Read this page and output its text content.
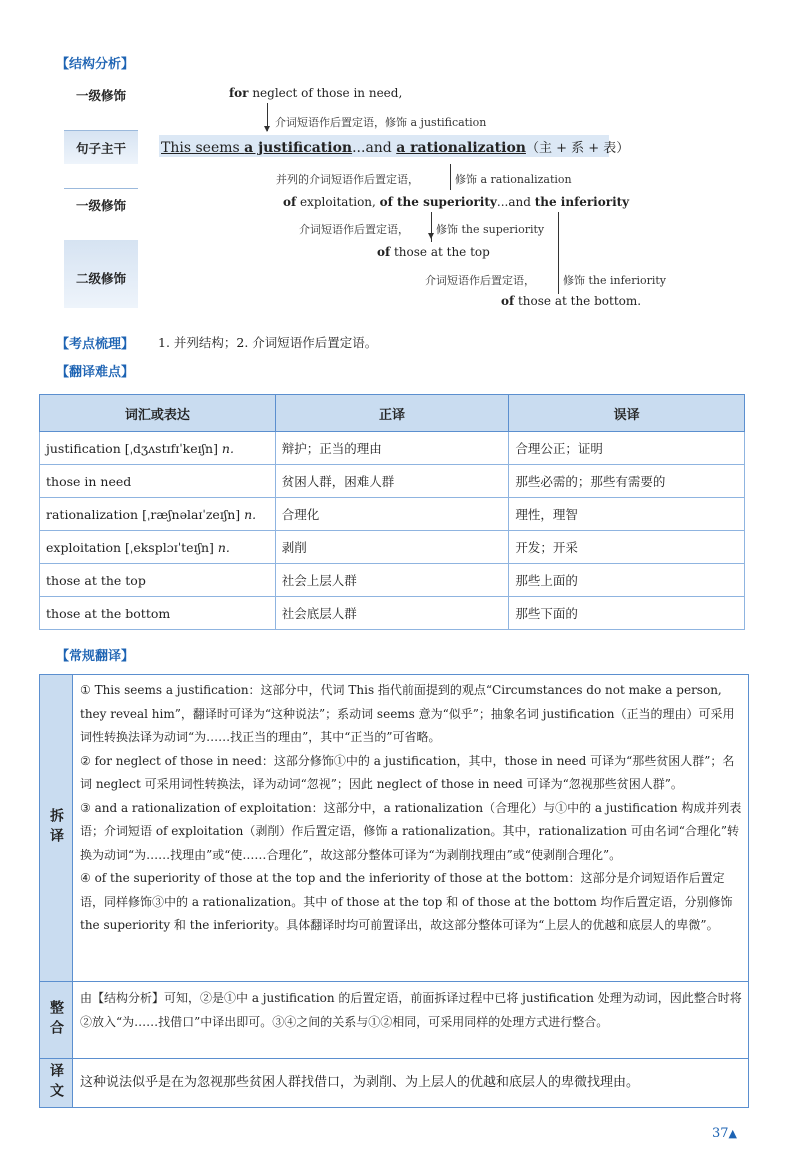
【结构分析】
一级修饰
句子主干
一级修饰
二级修饰
for neglect of those in need,
介词短语作后置定语，修饰 a justification
This seems a justification...and a rationalization（主 + 系 + 表）
并列的介词短语作后置定语，	修饰 a rationalization
of exploitation, of the superiority...and the inferiority
介词短语作后置定语， 修饰 the superiority
of those at the top
介词短语作后置定语，	修饰 the inferiority
of those at the bottom.
【考点梳理】 1. 并列结构；2. 介词短语作后置定语。
【翻译难点】
词汇或表达	正译	误译
justification [ˌdʒʌstɪfɪˈkeɪʃn] n.	辩护；正当的理由	合理公正；证明
those in need	贫困人群，困难人群	那些必需的；那些有需要的
rationalization [ˌræʃnəlaɪˈzeɪʃn] n.	合理化	理性，理智
exploitation [ˌeksplɔɪˈteɪʃn] n.	剥削	开发；开采
those at the top	社会上层人群	那些上面的
those at the bottom	社会底层人群	那些下面的
【常规翻译】
拆译

① This seems a justification：这部分中，代词 This 指代前面提到的观点“Circumstances do not make a person, they reveal him”，翻译时可译为“这种说法”；系动词 seems 意为“似乎”；抽象名词 justification（正当的理由）可采用词性转换法译为动词“为……找正当的理由”，其中“正当的”可省略。

② for neglect of those in need：这部分修饰①中的 a justification，其中，those in need 可译为“那些贫困人群”；名词 neglect 可采用词性转换法，译为动词“忽视”；因此 neglect of those in need 可译为“忽视那些贫困人群”。

③ and a rationalization of exploitation：这部分中，a rationalization（合理化）与①中的 a justification 构成并列表语；介词短语 of exploitation（剥削）作后置定语，修饰 a rationalization。其中，rationalization 可由名词“合理化”转换为动词“为……找理由”或“使……合理化”，故这部分整体可译为“为剥削找理由”或“使剥削合理化”。

④ of the superiority of those at the top and the inferiority of those at the bottom：这部分是介词短语作后置定语，同样修饰③中的 a rationalization。其中 of those at the top 和 of those at the bottom 均作后置定语，分别修饰 the superiority 和 the inferiority。具体翻译时均可前置译出，故这部分整体可译为“上层人的优越和底层人的卑微”。

整合

由【结构分析】可知，②是①中 a justification 的后置定语，前面拆译过程中已将 justification 处理为动词，因此整合时将②放入“为……找借口”中译出即可。③④之间的关系与①②相同，可采用同样的处理方式进行整合。

译文 这种说法似乎是在为忽视那些贫困人群找借口，为剥削、为上层人的优越和底层人的卑微找理由。

37▲
